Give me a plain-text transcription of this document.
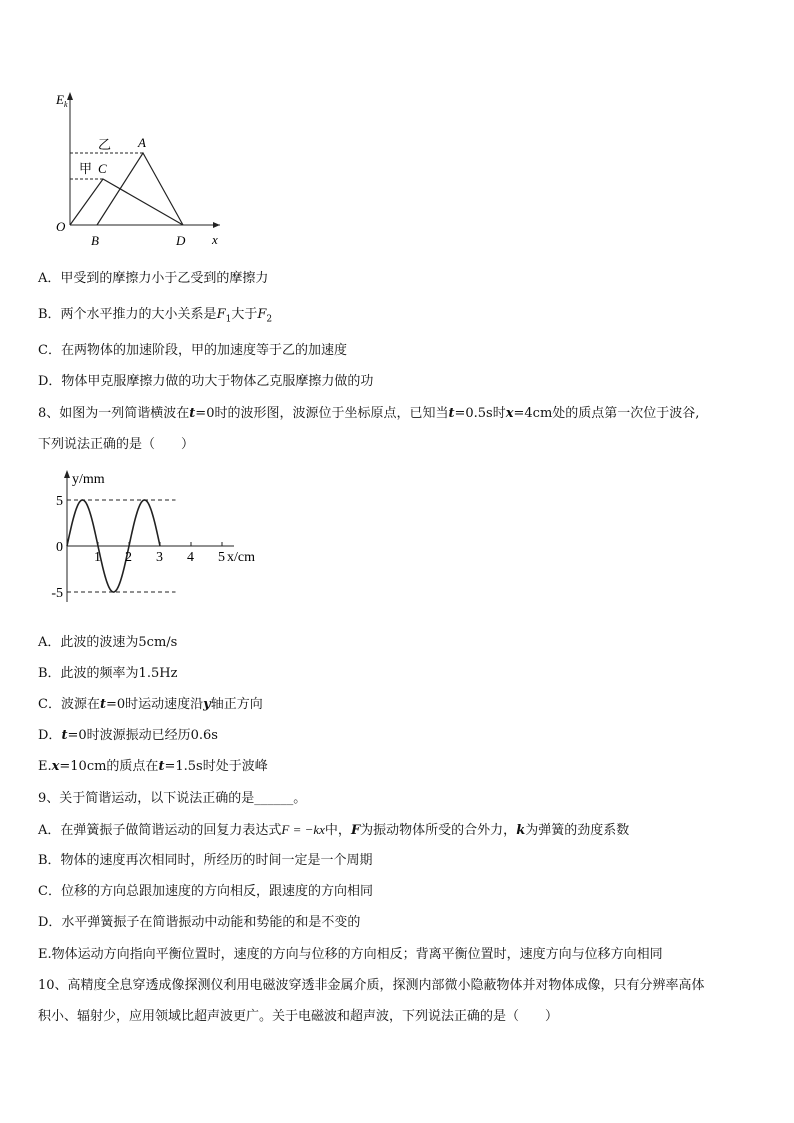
$E_k$
x
O
乙
甲
A
C
B	D
A．甲受到的摩擦力小于乙受到的摩擦力
B．两个水平推力的大小关系是$F_1$大于$F_2$
C．在两物体的加速阶段，甲的加速度等于乙的加速度
D．物体甲克服摩擦力做的功大于物体乙克服摩擦力做的功
8、如图为一列简谐横波在t=0时的波形图，波源位于坐标原点，已知当t=0.5s时x=4cm处的质点第一次位于波谷,
下列说法正确的是（　　）
y/mm
x/cm
1 2 3 4 5
5
0
-5
A．此波的波速为5cm/s
B．此波的频率为1.5Hz
C．波源在t=0时运动速度沿y轴正方向
D．t=0时波源振动已经历0.6s
E.x=10cm的质点在t=1.5s时处于波峰
9、关于简谐运动，以下说法正确的是______。
A．在弹簧振子做简谐运动的回复力表达式F = −kx中，F为振动物体所受的合外力，k为弹簧的劲度系数
B．物体的速度再次相同时，所经历的时间一定是一个周期
C．位移的方向总跟加速度的方向相反，跟速度的方向相同
D．水平弹簧振子在简谐振动中动能和势能的和是不变的
E.物体运动方向指向平衡位置时，速度的方向与位移的方向相反；背离平衡位置时，速度方向与位移方向相同
10、高精度全息穿透成像探测仪利用电磁波穿透非金属介质，探测内部微小隐蔽物体并对物体成像，只有分辨率高体
积小、辐射少，应用领域比超声波更广。关于电磁波和超声波，下列说法正确的是（　　）
